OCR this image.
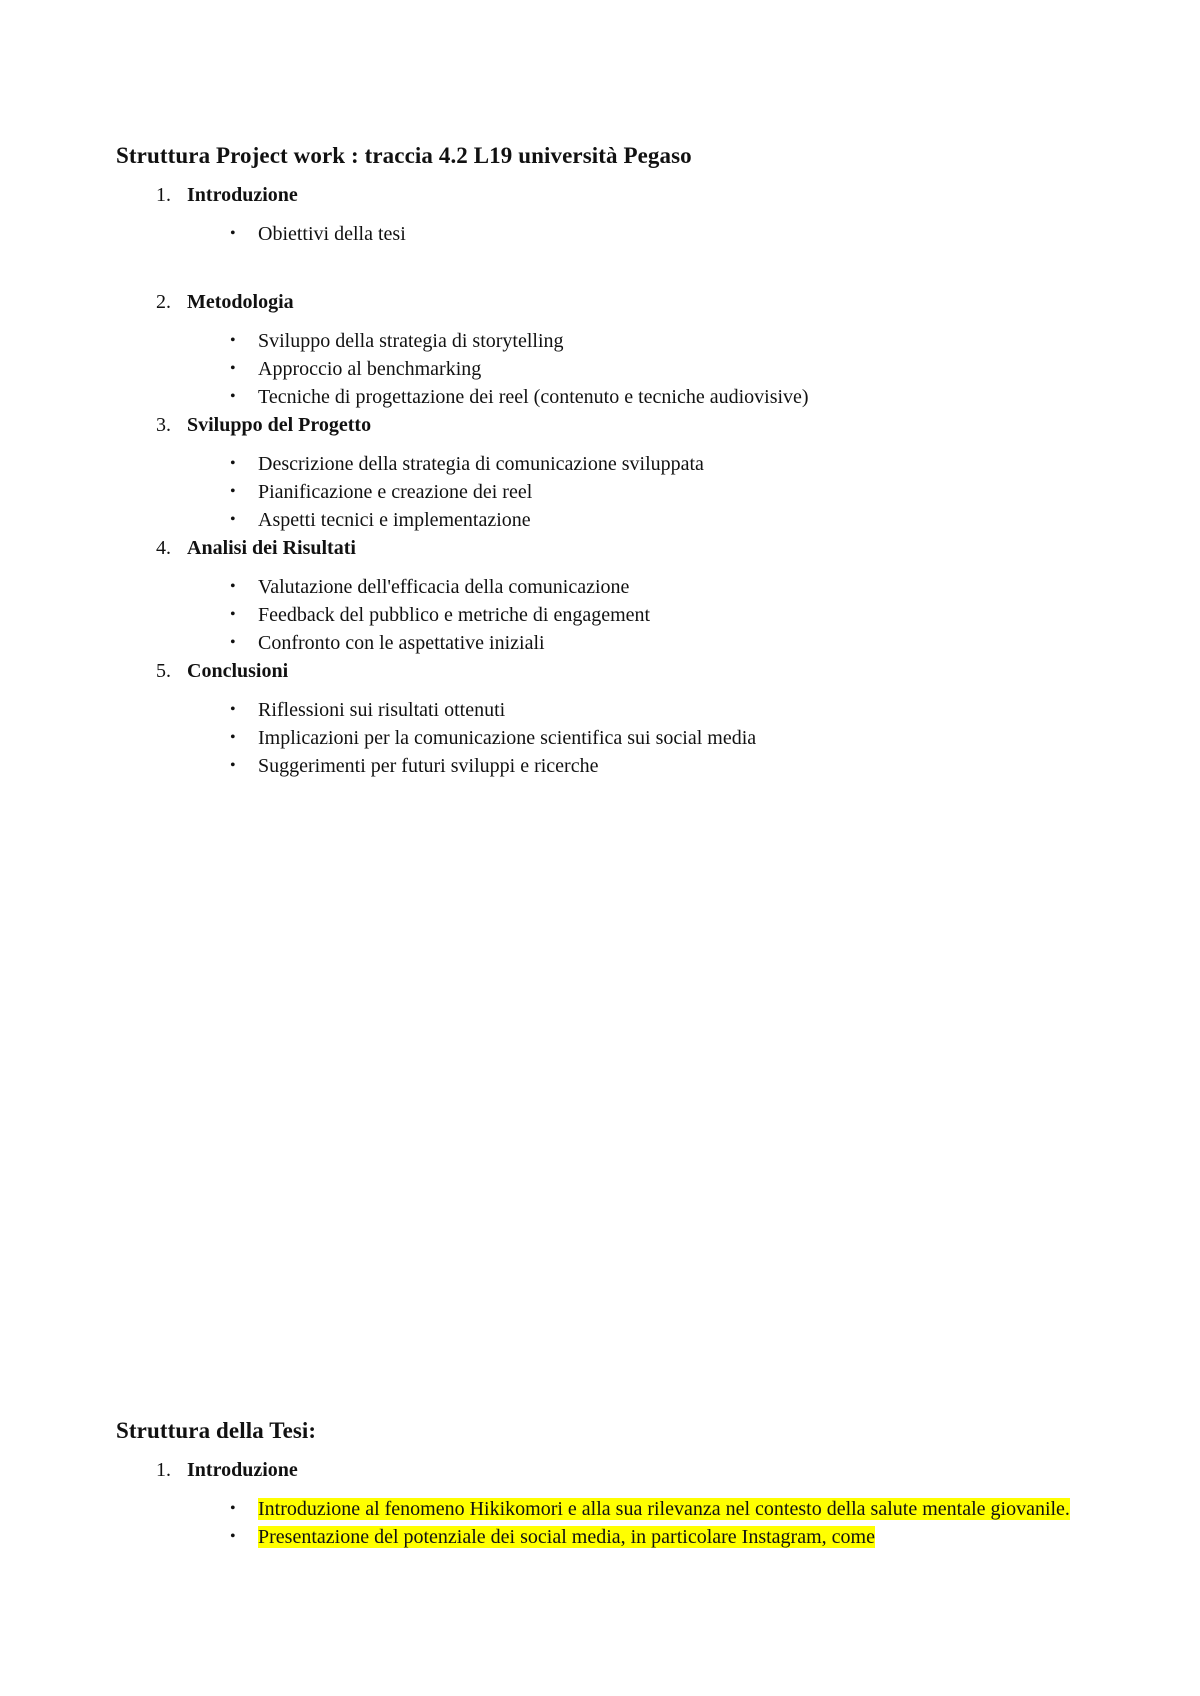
Struttura Project work : traccia 4.2 L19 università Pegaso
1. Introduzione
• Obiettivi della tesi
2. Metodologia
• Sviluppo della strategia di storytelling
• Approccio al benchmarking
• Tecniche di progettazione dei reel (contenuto e tecniche audiovisive)
3. Sviluppo del Progetto
• Descrizione della strategia di comunicazione sviluppata
• Pianificazione e creazione dei reel
• Aspetti tecnici e implementazione
4. Analisi dei Risultati
• Valutazione dell'efficacia della comunicazione
• Feedback del pubblico e metriche di engagement
• Confronto con le aspettative iniziali
5. Conclusioni
• Riflessioni sui risultati ottenuti
• Implicazioni per la comunicazione scientifica sui social media
• Suggerimenti per futuri sviluppi e ricerche
Struttura della Tesi:
1. Introduzione
• Introduzione al fenomeno Hikikomori e alla sua rilevanza nel contesto della salute mentale giovanile.
• Presentazione del potenziale dei social media, in particolare Instagram, come
